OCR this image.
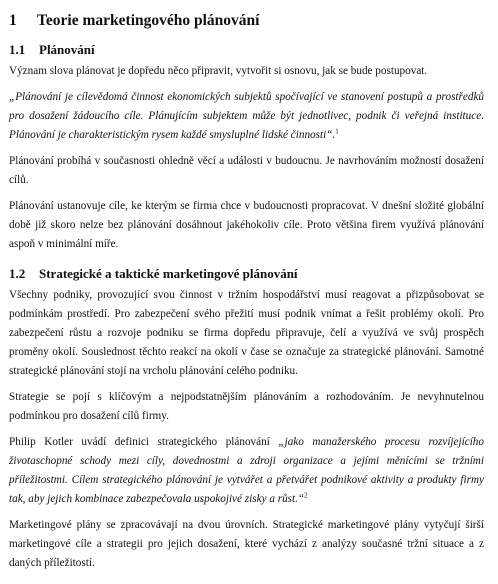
1 Teorie marketingového plánování
1.1 Plánování

Význam slova plánovat je dopředu něco připravit, vytvořit si osnovu, jak se bude postupovat.

„Plánování je cílevědomá činnost ekonomických subjektů spočívající ve stanovení postupů a prostředků pro dosažení žádoucího cíle. Plánujícím subjektem může být jednotlivec, podnik či veřejná instituce. Plánování je charakteristickým rysem každé smysluplné lidské činnosti“.$^1$

Plánování probíhá v současnosti ohledně věcí a události v budoucnu. Je navrhováním možností dosažení cílů.

Plánování ustanovuje cíle, ke kterým se firma chce v budoucnosti propracovat. V dnešní složité globální době již skoro nelze bez plánování dosáhnout jakéhokoliv cíle. Proto většina firem využívá plánování aspoň v minimální míře.

1.2 Strategické a taktické marketingové plánování

Všechny podniky, provozující svou činnost v tržním hospodářství musí reagovat a přizpůsobovat se podmínkám prostředí. Pro zabezpečení svého přežití musí podnik vnímat a řešit problémy okolí. Pro zabezpečení růstu a rozvoje podniku se firma dopředu připravuje, čelí a využívá ve svůj prospěch proměny okolí. Souslednost těchto reakcí na okolí v čase se označuje za strategické plánování. Samotné strategické plánování stojí na vrcholu plánování celého podniku.

Strategie se pojí s klíčovým a nejpodstatnějším plánováním a rozhodováním. Je nevyhnutelnou podmínkou pro dosažení cílů firmy.

Philip Kotler uvádí definici strategického plánování „jako manažerského procesu rozvíjejícího životaschopné schody mezi cíly, dovednostmi a zdroji organizace a jejími měnícími se tržními příležitostmi. Cílem strategického plánování je vytvářet a přetvářet podnikové aktivity a produkty firmy tak, aby jejich kombinace zabezpečovala uspokojivé zisky a růst.“$^2$

Marketingové plány se zpracovávají na dvou úrovních. Strategické marketingové plány vytyčují širší marketingové cíle a strategii pro jejich dosažení, které vychází z analýzy současné tržní situace a z daných příležitostí.
